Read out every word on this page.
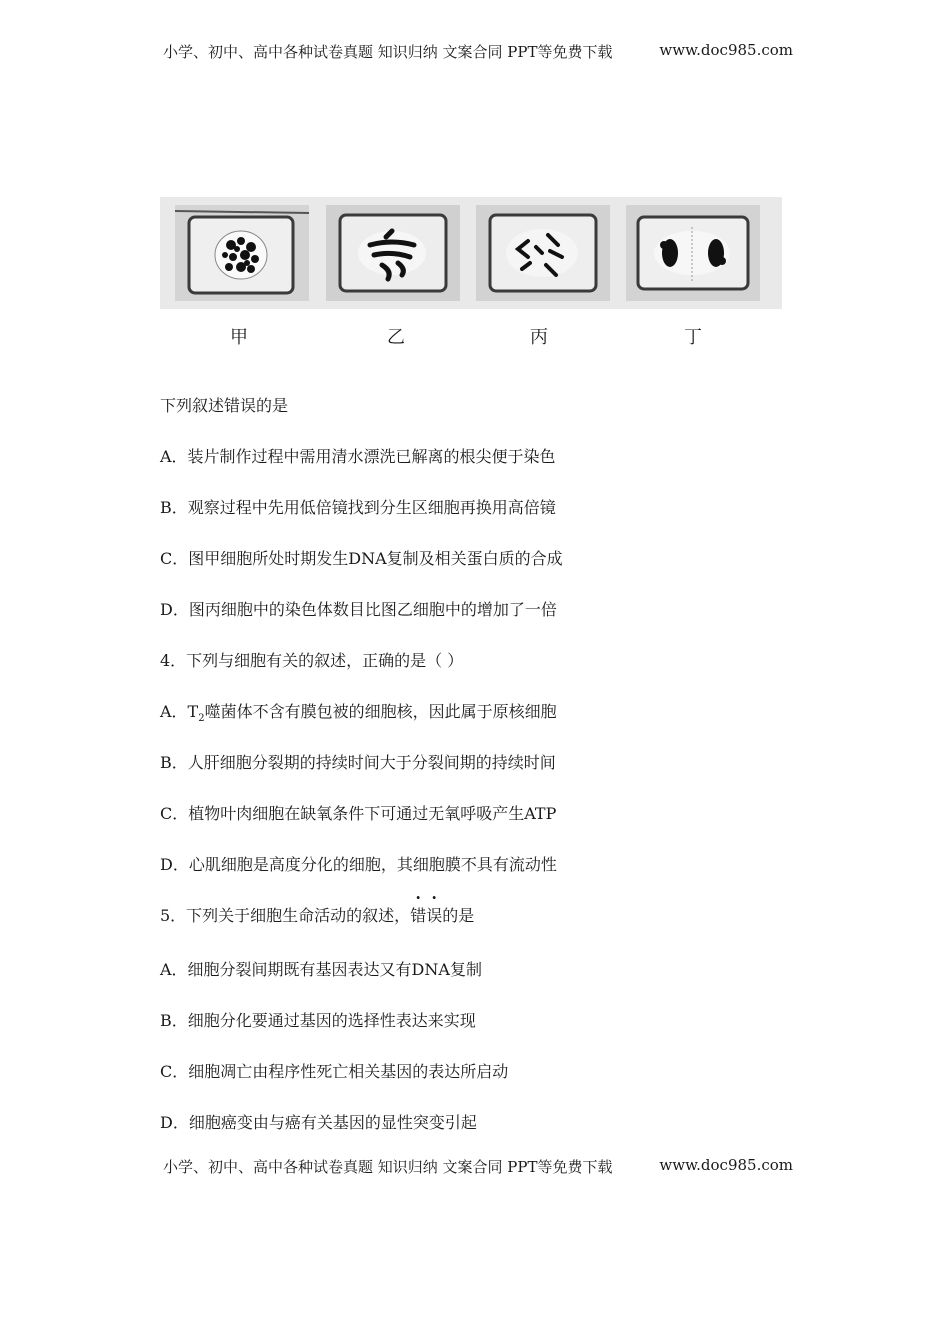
小学、初中、高中各种试卷真题 知识归纳 文案合同 PPT等免费下载	www.doc985.com
甲	乙	丙	丁
下列叙述错误的是
A．装片制作过程中需用清水漂洗已解离的根尖便于染色
B．观察过程中先用低倍镜找到分生区细胞再换用高倍镜
C．图甲细胞所处时期发生DNA复制及相关蛋白质的合成
D．图丙细胞中的染色体数目比图乙细胞中的增加了一倍
4．下列与细胞有关的叙述，正确的是（ ）
A．$T_2$噬菌体不含有膜包被的细胞核，因此属于原核细胞
B．人肝细胞分裂期的持续时间大于分裂间期的持续时间
C．植物叶肉细胞在缺氧条件下可通过无氧呼吸产生ATP
D．心肌细胞是高度分化的细胞，其细胞膜不具有流动性
5．下列关于细胞生命活动的叙述，错误的是
A．细胞分裂间期既有基因表达又有DNA复制
B．细胞分化要通过基因的选择性表达来实现
C．细胞凋亡由程序性死亡相关基因的表达所启动
D．细胞癌变由与癌有关基因的显性突变引起
小学、初中、高中各种试卷真题 知识归纳 文案合同 PPT等免费下载	www.doc985.com
